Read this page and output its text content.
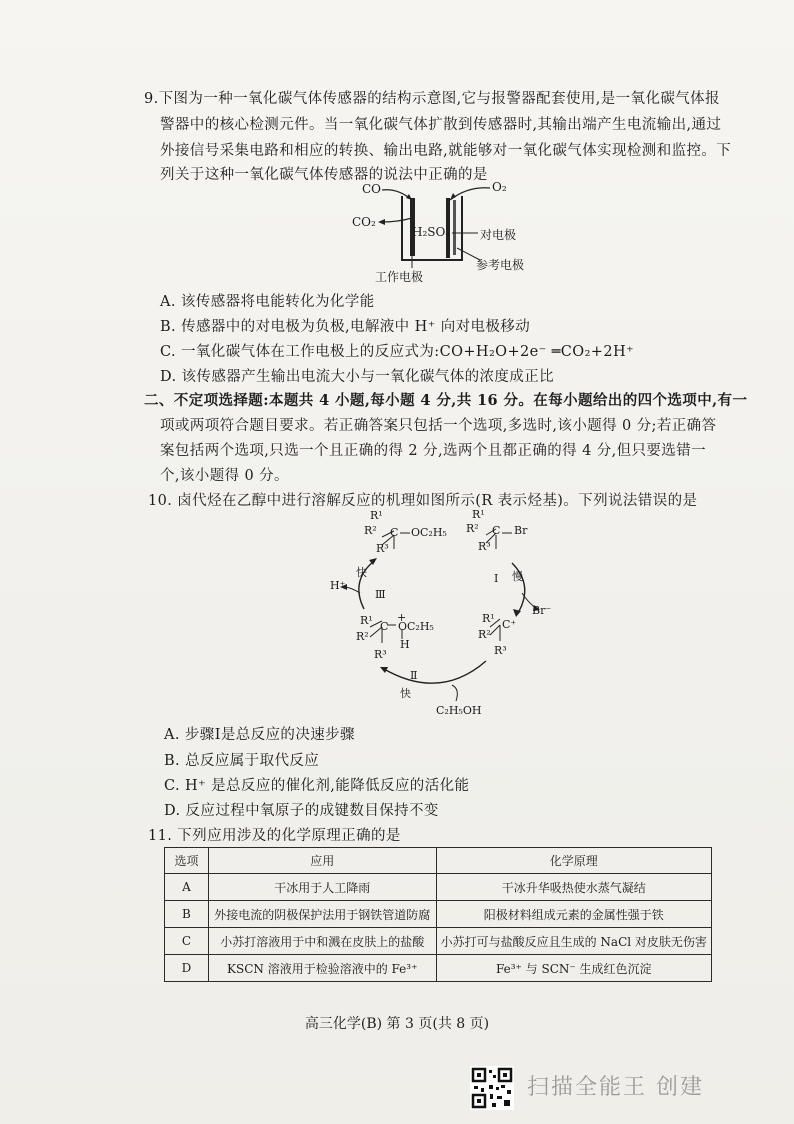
9.下图为一种一氧化碳气体传感器的结构示意图,它与报警器配套使用,是一氧化碳气体报
警器中的核心检测元件。当一氧化碳气体扩散到传感器时,其输出端产生电流输出,通过
外接信号采集电路和相应的转换、输出电路,就能够对一氧化碳气体实现检测和监控。下
列关于这种一氧化碳气体传感器的说法中正确的是
CO	O₂
CO₂
H₂SO₄ 对电极
参考电极
工作电极
A. 该传感器将电能转化为化学能
B. 传感器中的对电极为负极,电解液中 H⁺ 向对电极移动
C. 一氧化碳气体在工作电极上的反应式为:CO+H₂O+2e⁻ ═CO₂+2H⁺
D. 该传感器产生输出电流大小与一氧化碳气体的浓度成正比
二、不定项选择题:本题共 4 小题,每小题 4 分,共 16 分。在每小题给出的四个选项中,有一
项或两项符合题目要求。若正确答案只包括一个选项,多选时,该小题得 0 分;若正确答
案包括两个选项,只选一个且正确的得 2 分,选两个且都正确的得 4 分,但只要选错一
个,该小题得 0 分。
10. 卤代烃在乙醇中进行溶解反应的机理如图所示(R 表示烃基)。下列说法错误的是
R¹
R²
R³
C OC₂H₅
R¹
R²
R³
C Br
Ⅲ
快	Ⅰ 慢
Ⅱ
快
H⁺
Br⁻
R¹
R²
R³
C
+
OC₂H₅
H
R¹
R²
R³
C⁺
C₂H₅OH
A. 步骤Ⅰ是总反应的决速步骤
B. 总反应属于取代反应
C. H⁺ 是总反应的催化剂,能降低反应的活化能
D. 反应过程中氧原子的成键数目保持不变
11. 下列应用涉及的化学原理正确的是
选项	应用	化学原理
A	干冰用于人工降雨	干冰升华吸热使水蒸气凝结
B	外接电流的阴极保护法用于钢铁管道防腐	阳极材料组成元素的金属性强于铁
C	小苏打溶液用于中和溅在皮肤上的盐酸	小苏打可与盐酸反应且生成的 NaCl 对皮肤无伤害
D	KSCN 溶液用于检验溶液中的 Fe³⁺	Fe³⁺ 与 SCN⁻ 生成红色沉淀
高三化学(B) 第 3 页(共 8 页)
扫描全能王 创建
